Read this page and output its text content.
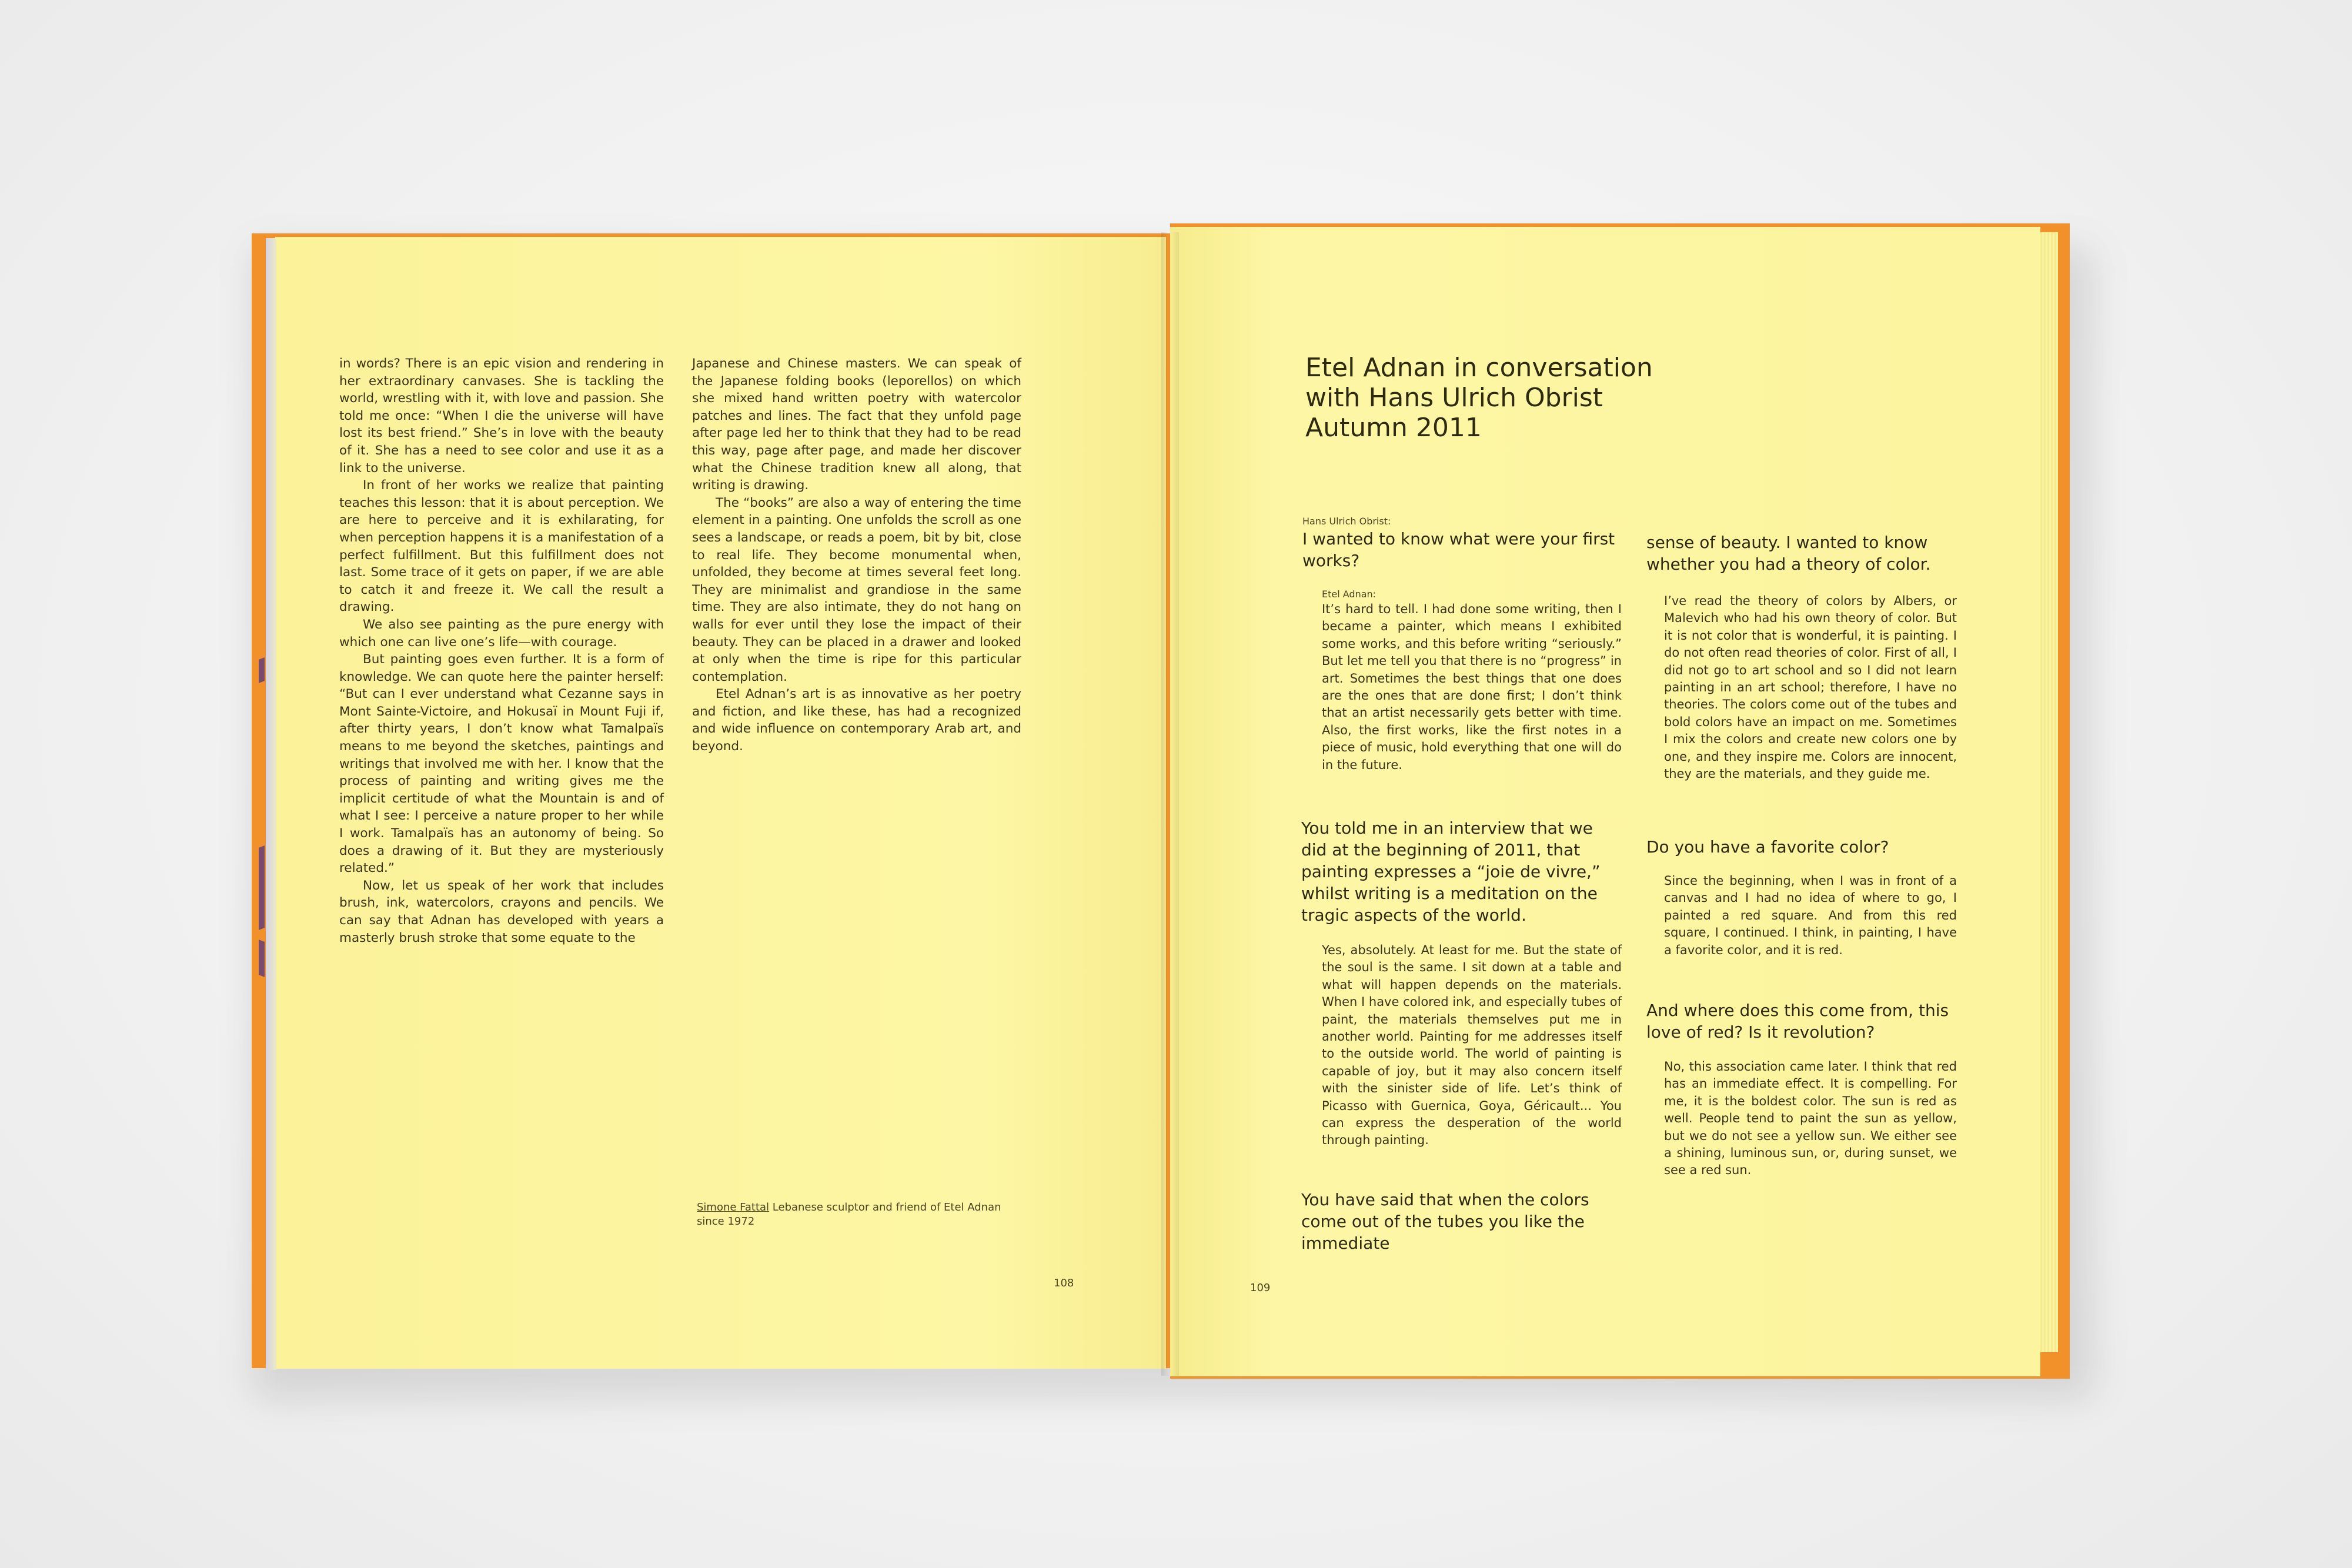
in words? There is an epic vision and rendering in her extraordinary canvases. She is tackling the world, wrestling with it, with love and passion. She told me once: “When I die the universe will have lost its best friend.” She’s in love with the beauty of it. She has a need to see color and use it as a link to the universe.

In front of her works we realize that painting teaches this lesson: that it is about perception. We are here to perceive and it is exhilarating, for when perception happens it is a manifestation of a perfect fulfillment. But this fulfillment does not last. Some trace of it gets on paper, if we are able to catch it and freeze it. We call the result a drawing.

We also see painting as the pure energy with which one can live one’s life—with courage.

But painting goes even further. It is a form of knowledge. We can quote here the painter herself: “But can I ever understand what Cezanne says in Mont Sainte-Victoire, and Hokusaï in Mount Fuji if, after thirty years, I don’t know what Tamalpaïs means to me beyond the sketches, paintings and writings that involved me with her. I know that the process of painting and writing gives me the implicit certitude of what the Mountain is and of what I see: I perceive a nature proper to her while I work. Tamalpaïs has an autonomy of being. So does a drawing of it. But they are mysteriously related.”

Now, let us speak of her work that includes brush, ink, watercolors, crayons and pencils. We can say that Adnan has developed with years a masterly brush stroke that some equate to the

Japanese and Chinese masters. We can speak of the Japanese folding books (leporellos) on which she mixed hand written poetry with watercolor patches and lines. The fact that they unfold page after page led her to think that they had to be read this way, page after page, and made her discover what the Chinese tradition knew all along, that writing is drawing.

The “books” are also a way of entering the time element in a painting. One unfolds the scroll as one sees a landscape, or reads a poem, bit by bit, close to real life. They become monumental when, unfolded, they become at times several feet long. They are minimalist and grandiose in the same time. They are also intimate, they do not hang on walls for ever until they lose the impact of their beauty. They can be placed in a drawer and looked at only when the time is ripe for this particular contemplation.

Etel Adnan’s art is as innovative as her poetry and fiction, and like these, has had a recognized and wide influence on contemporary Arab art, and beyond.

Simone Fattal Lebanese sculptor and friend of Etel Adnan since 1972
108
Etel Adnan in conversation
with Hans Ulrich Obrist
Autumn 2011

Hans Ulrich Obrist:

I wanted to know what were your first works?

Etel Adnan:

It’s hard to tell. I had done some writing, then I became a painter, which means I exhibited some works, and this before writing “seriously.” But let me tell you that there is no “progress” in art. Sometimes the best things that one does are the ones that are done first; I don’t think that an artist necessarily gets better with time. Also, the first works, like the first notes in a piece of music, hold everything that one will do in the future.

You told me in an interview that we did at the beginning of 2011, that painting expresses a “joie de vivre,” whilst writing is a meditation on the tragic aspects of the world.

Yes, absolutely. At least for me. But the state of the soul is the same. I sit down at a table and what will happen depends on the materials. When I have colored ink, and especially tubes of paint, the materials themselves put me in another world. Painting for me addresses itself to the outside world. The world of painting is capable of joy, but it may also concern itself with the sinister side of life. Let’s think of Picasso with Guernica, Goya, Géricault... You can express the desperation of the world through painting.

You have said that when the colors come out of the tubes you like the immediate

sense of beauty. I wanted to know whether you had a theory of color.

I’ve read the theory of colors by Albers, or Malevich who had his own theory of color. But it is not color that is wonderful, it is painting. I do not often read theories of color. First of all, I did not go to art school and so I did not learn painting in an art school; therefore, I have no theories. The colors come out of the tubes and bold colors have an impact on me. Sometimes I mix the colors and create new colors one by one, and they inspire me. Colors are innocent, they are the materials, and they guide me.

Do you have a favorite color?

Since the beginning, when I was in front of a canvas and I had no idea of where to go, I painted a red square. And from this red square, I continued. I think, in painting, I have a favorite color, and it is red.

And where does this come from, this love of red? Is it revolution?

No, this association came later. I think that red has an immediate effect. It is compelling. For me, it is the boldest color. The sun is red as well. People tend to paint the sun as yellow, but we do not see a yellow sun. We either see a shining, luminous sun, or, during sunset, we see a red sun.

109
